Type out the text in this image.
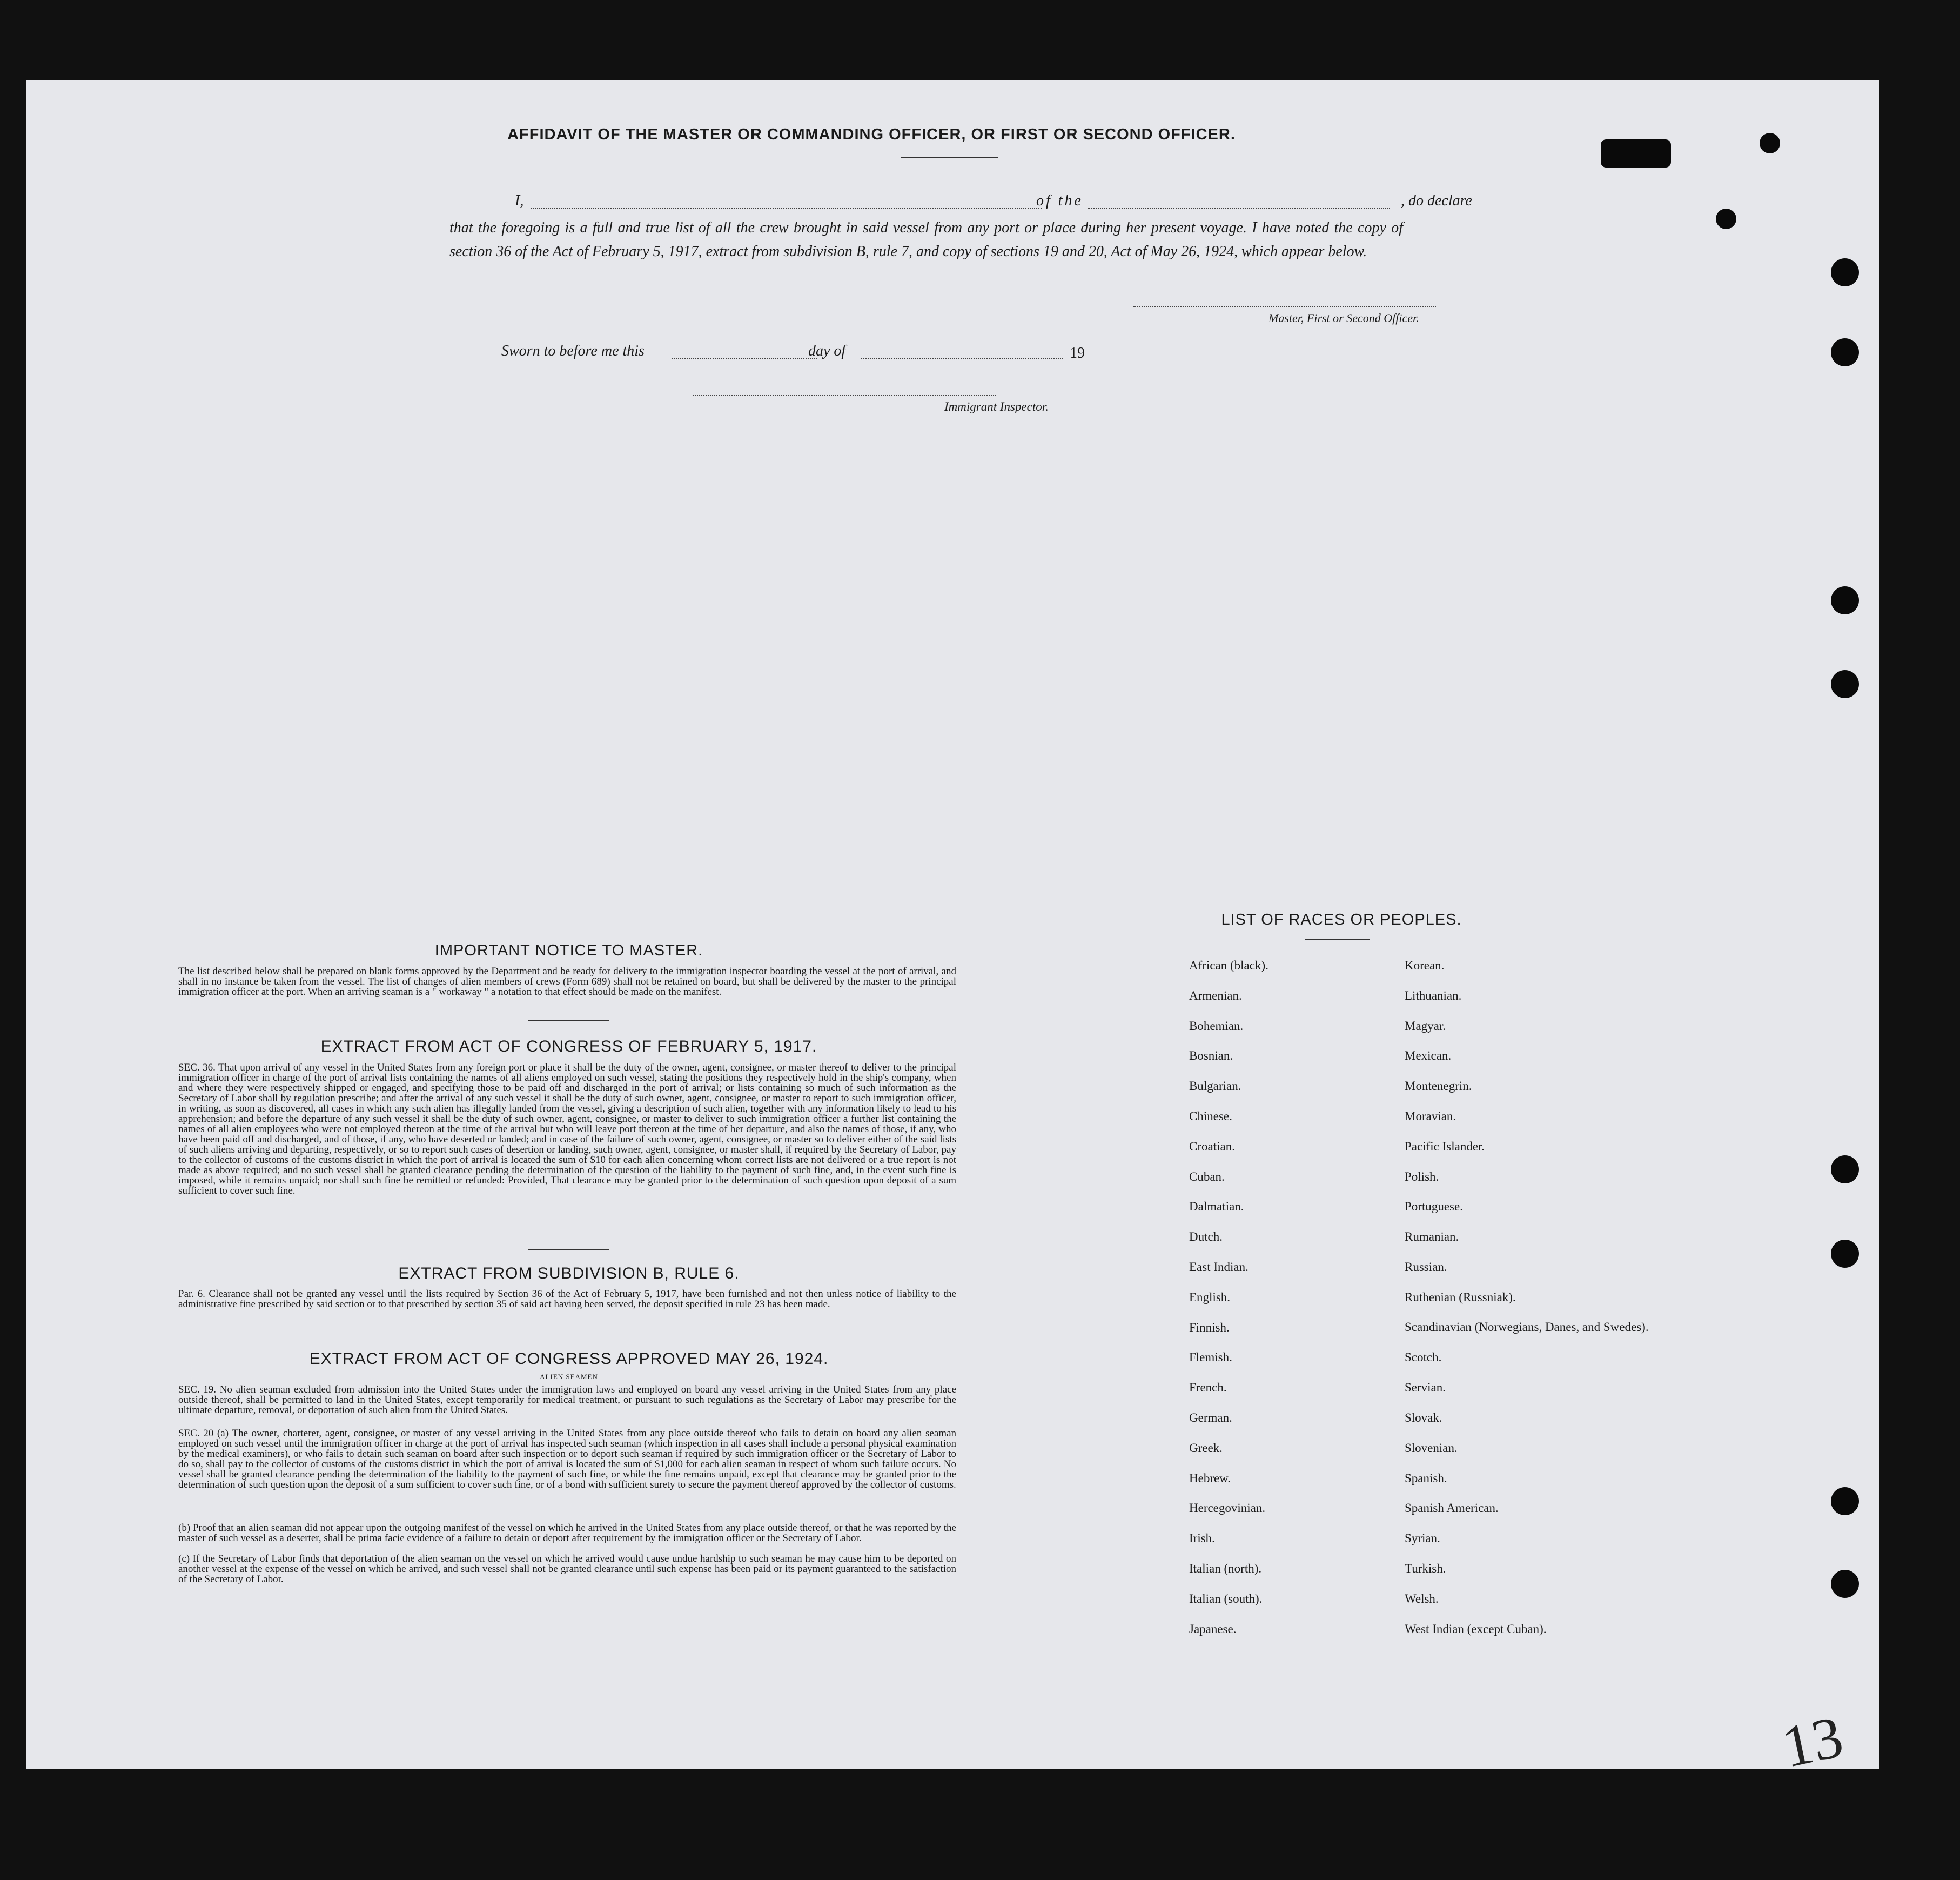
AFFIDAVIT OF THE MASTER OR COMMANDING OFFICER, OR FIRST OR SECOND OFFICER.
I,	of the	, do declare
that the foregoing is a full and true list of all the crew brought in said vessel from any port or place during her present voyage. I have noted the copy of section 36 of the Act of February 5, 1917, extract from subdivision B, rule 7, and copy of sections 19 and 20, Act of May 26, 1924, which appear below.
Master, First or Second Officer.
Sworn to before me this	day of	19
Immigrant Inspector.
IMPORTANT NOTICE TO MASTER.
The list described below shall be prepared on blank forms approved by the Department and be ready for delivery to the immigration inspector boarding the vessel at the port of arrival, and shall in no instance be taken from the vessel. The list of changes of alien members of crews (Form 689) shall not be retained on board, but shall be delivered by the master to the principal immigration officer at the port. When an arriving seaman is a " workaway " a notation to that effect should be made on the manifest.
EXTRACT FROM ACT OF CONGRESS OF FEBRUARY 5, 1917.
SEC. 36. That upon arrival of any vessel in the United States from any foreign port or place it shall be the duty of the owner, agent, consignee, or master thereof to deliver to the principal immigration officer in charge of the port of arrival lists containing the names of all aliens employed on such vessel, stating the positions they respectively hold in the ship's company, when and where they were respectively shipped or engaged, and specifying those to be paid off and discharged in the port of arrival; or lists containing so much of such information as the Secretary of Labor shall by regulation prescribe; and after the arrival of any such vessel it shall be the duty of such owner, agent, consignee, or master to report to such immigration officer, in writing, as soon as discovered, all cases in which any such alien has illegally landed from the vessel, giving a description of such alien, together with any information likely to lead to his apprehension; and before the departure of any such vessel it shall be the duty of such owner, agent, consignee, or master to deliver to such immigration officer a further list containing the names of all alien employees who were not employed thereon at the time of the arrival but who will leave port thereon at the time of her departure, and also the names of those, if any, who have been paid off and discharged, and of those, if any, who have deserted or landed; and in case of the failure of such owner, agent, consignee, or master so to deliver either of the said lists of such aliens arriving and departing, respectively, or so to report such cases of desertion or landing, such owner, agent, consignee, or master shall, if required by the Secretary of Labor, pay to the collector of customs of the customs district in which the port of arrival is located the sum of $10 for each alien concerning whom correct lists are not delivered or a true report is not made as above required; and no such vessel shall be granted clearance pending the determination of the question of the liability to the payment of such fine, and, in the event such fine is imposed, while it remains unpaid; nor shall such fine be remitted or refunded: Provided, That clearance may be granted prior to the determination of such question upon deposit of a sum sufficient to cover such fine.
EXTRACT FROM SUBDIVISION B, RULE 6.
Par. 6. Clearance shall not be granted any vessel until the lists required by Section 36 of the Act of February 5, 1917, have been furnished and not then unless notice of liability to the administrative fine prescribed by said section or to that prescribed by section 35 of said act having been served, the deposit specified in rule 23 has been made.
EXTRACT FROM ACT OF CONGRESS APPROVED MAY 26, 1924.
ALIEN SEAMEN
SEC. 19. No alien seaman excluded from admission into the United States under the immigration laws and employed on board any vessel arriving in the United States from any place outside thereof, shall be permitted to land in the United States, except temporarily for medical treatment, or pursuant to such regulations as the Secretary of Labor may prescribe for the ultimate departure, removal, or deportation of such alien from the United States.
SEC. 20 (a) The owner, charterer, agent, consignee, or master of any vessel arriving in the United States from any place outside thereof who fails to detain on board any alien seaman employed on such vessel until the immigration officer in charge at the port of arrival has inspected such seaman (which inspection in all cases shall include a personal physical examination by the medical examiners), or who fails to detain such seaman on board after such inspection or to deport such seaman if required by such immigration officer or the Secretary of Labor to do so, shall pay to the collector of customs of the customs district in which the port of arrival is located the sum of $1,000 for each alien seaman in respect of whom such failure occurs. No vessel shall be granted clearance pending the determination of the liability to the payment of such fine, or while the fine remains unpaid, except that clearance may be granted prior to the determination of such question upon the deposit of a sum sufficient to cover such fine, or of a bond with sufficient surety to secure the payment thereof approved by the collector of customs.
(b) Proof that an alien seaman did not appear upon the outgoing manifest of the vessel on which he arrived in the United States from any place outside thereof, or that he was reported by the master of such vessel as a deserter, shall be prima facie evidence of a failure to detain or deport after requirement by the immigration officer or the Secretary of Labor.
(c) If the Secretary of Labor finds that deportation of the alien seaman on the vessel on which he arrived would cause undue hardship to such seaman he may cause him to be deported on another vessel at the expense of the vessel on which he arrived, and such vessel shall not be granted clearance until such expense has been paid or its payment guaranteed to the satisfaction of the Secretary of Labor.
LIST OF RACES OR PEOPLES.
African (black).
Armenian.
Bohemian.
Bosnian.
Bulgarian.
Chinese.
Croatian.
Cuban.
Dalmatian.
Dutch.
East Indian.
English.
Finnish.
Flemish.
French.
German.
Greek.
Hebrew.
Hercegovinian.
Irish.
Italian (north).
Italian (south).
Japanese.
Korean.
Lithuanian.
Magyar.
Mexican.
Montenegrin.
Moravian.
Pacific Islander.
Polish.
Portuguese.
Rumanian.
Russian.
Ruthenian (Russniak).
Scandinavian (Norwegians, Danes, and Swedes).
Scotch.
Servian.
Slovak.
Slovenian.
Spanish.
Spanish American.
Syrian.
Turkish.
Welsh.
West Indian (except Cuban).
13
